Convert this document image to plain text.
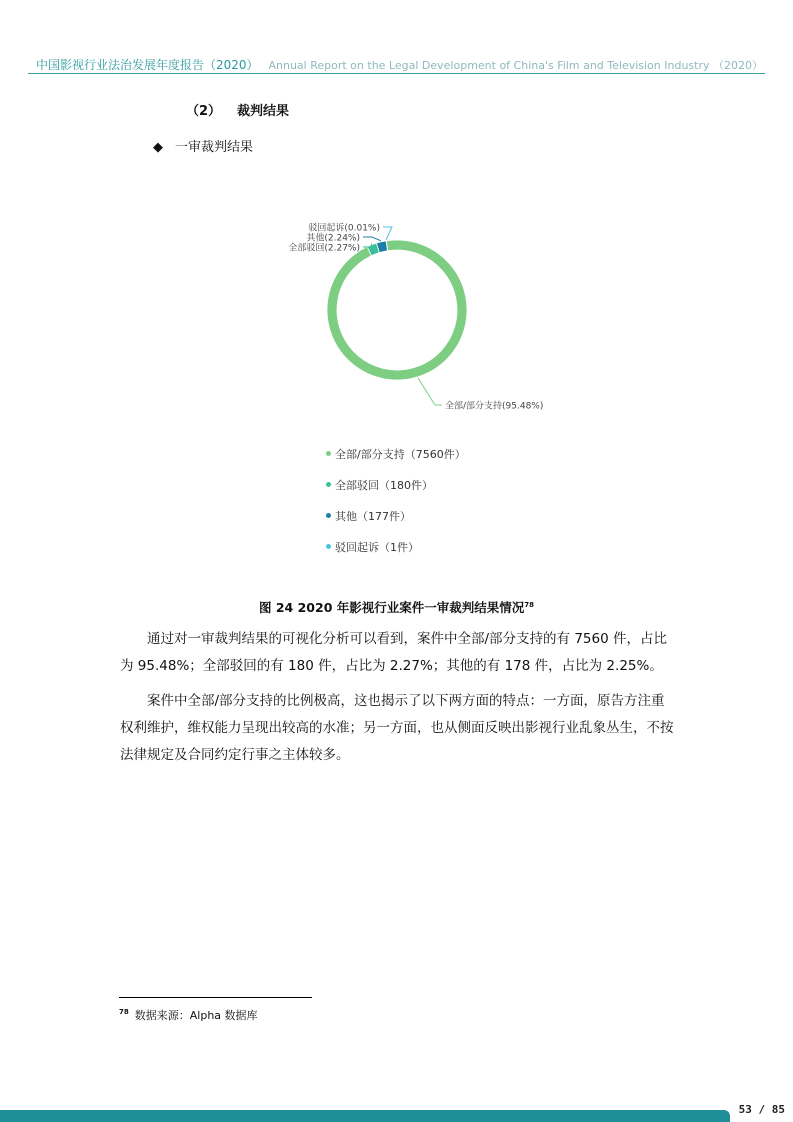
中国影视行业法治发展年度报告（2020） Annual Report on the Legal Development of China's Film and Television Industry （2020）
（2） 裁判结果
◆ 一审裁判结果
全部/部分支持(95.48%)
全部驳回(2.27%)
其他(2.24%)
驳回起诉(0.01%)
全部/部分支持（7560件）
全部驳回（180件）
其他（177件）
驳回起诉（1件）
图 24 2020 年影视行业案件一审裁判结果情况$^{78}$
通过对一审裁判结果的可视化分析可以看到，案件中全部/部分支持的有 7560 件，占比为 95.48%；全部驳回的有 180 件，占比为 2.27%；其他的有 178 件，占比为 2.25%。
案件中全部/部分支持的比例极高，这也揭示了以下两方面的特点：一方面，原告方注重权利维护，维权能力呈现出较高的水准；另一方面，也从侧面反映出影视行业乱象丛生，不按法律规定及合同约定行事之主体较多。
$^{78}$ 数据来源：Alpha 数据库
53 / 85
